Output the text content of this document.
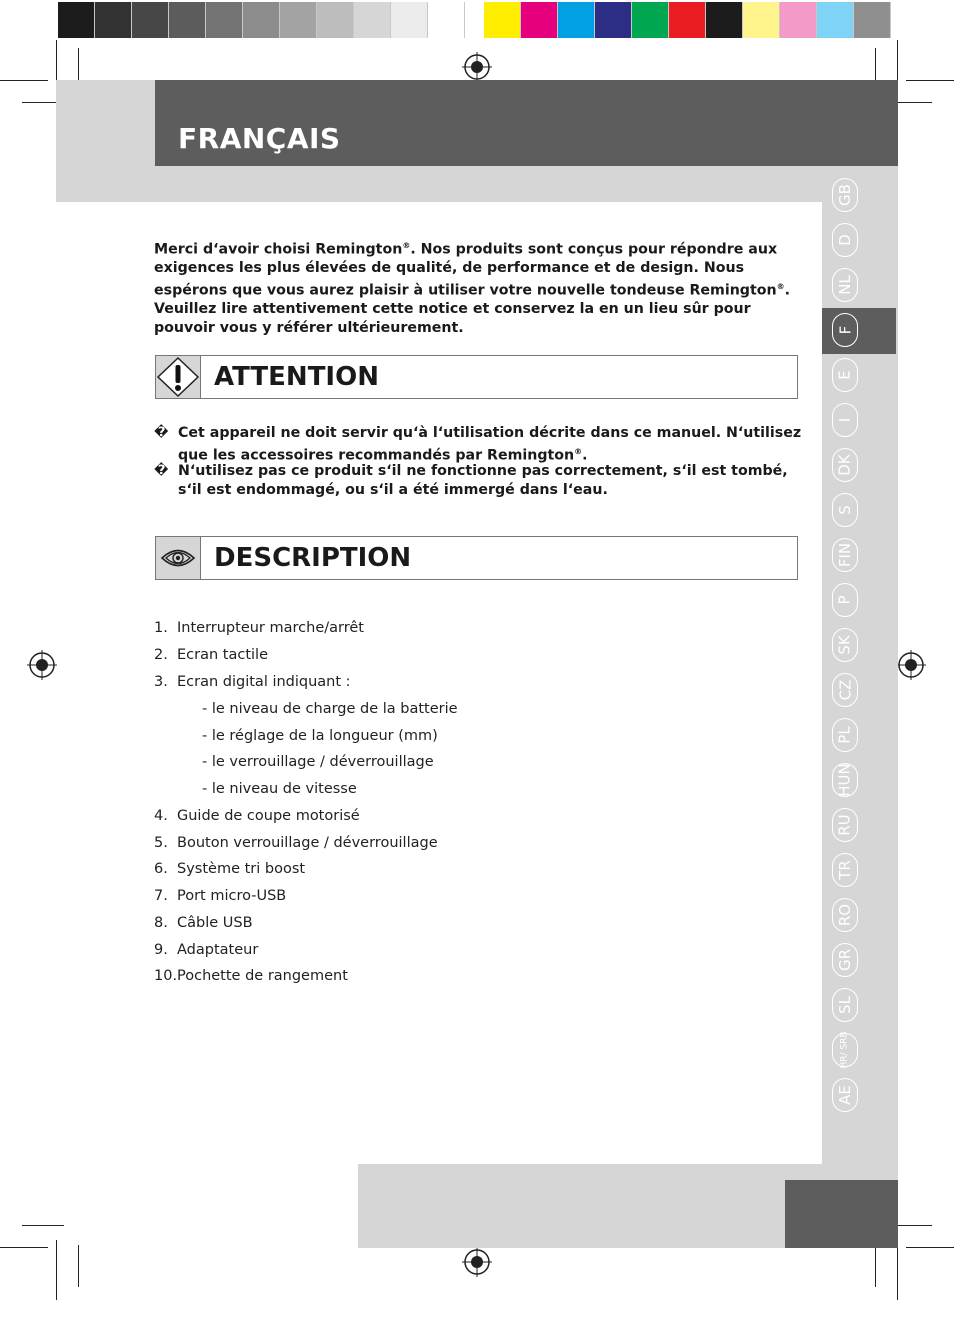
FRANÇAIS
GB
D
NL
F
E
I
DK
S
FIN
P
SK
CZ
PL
HUN
RU
TR
RO
GR
SL
HR/ SRB
AE

Merci d‘avoir choisi Remington®. Nos produits sont conçus pour répondre aux exigences les plus élevées de qualité, de performance et de design. Nous espérons que vous aurez plaisir à utiliser votre nouvelle tondeuse Remington®.

Veuillez lire attentivement cette notice et conservez la en un lieu sûr pour pouvoir vous y référer ultérieurement.

ATTENTION
� Cet appareil ne doit servir qu‘à l‘utilisation décrite dans ce manuel. N‘utilisez que les accessoires recommandés par Remington®.
� N‘utilisez pas ce produit s‘il ne fonctionne pas correctement, s‘il est tombé, s‘il est endommagé, ou s‘il a été immergé dans l‘eau.
DESCRIPTION
1. Interrupteur marche/arrêt
2. Ecran tactile
3. Ecran digital indiquant :
4. Guide de coupe motorisé
5. Bouton verrouillage / déverrouillage
6. Système tri boost
7. Port micro-USB
8. Câble USB
9. Adaptateur
10.Pochette de rangement
- le niveau de charge de la batterie
- le réglage de la longueur (mm)
- le verrouillage / déverrouillage
- le niveau de vitesse
